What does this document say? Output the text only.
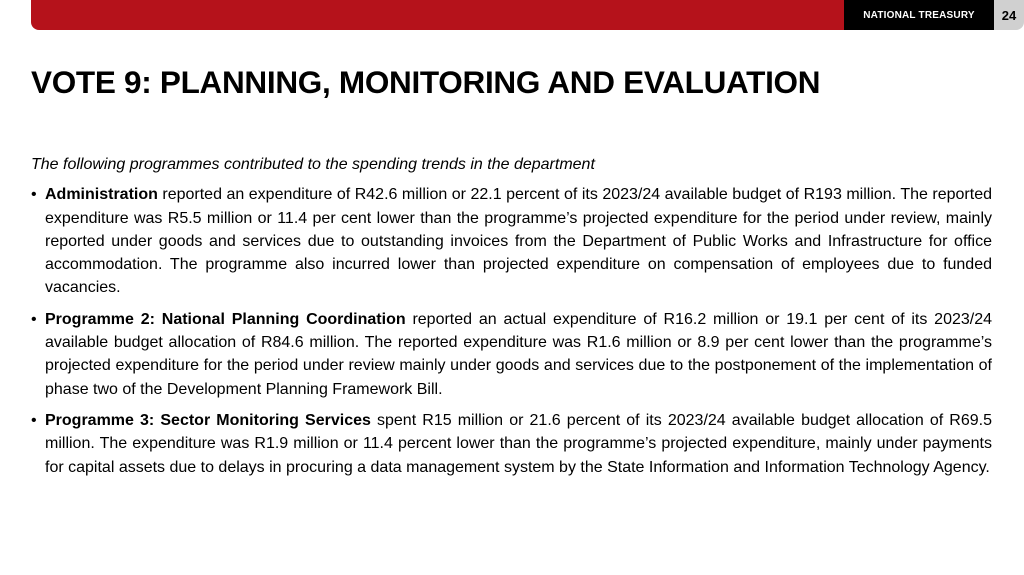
NATIONAL TREASURY	24
VOTE 9: PLANNING, MONITORING AND EVALUATION

The following programmes contributed to the spending trends in the department

• Administration reported an expenditure of R42.6 million or 22.1 percent of its 2023/24 available budget of R193 million. The reported expenditure was R5.5 million or 11.4 per cent lower than the programme’s projected expenditure for the period under review, mainly reported under goods and services due to outstanding invoices from the Department of Public Works and Infrastructure for office accommodation. The programme also incurred lower than projected expenditure on compensation of employees due to funded vacancies.
• Programme 2: National Planning Coordination reported an actual expenditure of R16.2 million or 19.1 per cent of its 2023/24 available budget allocation of R84.6 million. The reported expenditure was R1.6 million or 8.9 per cent lower than the programme’s projected expenditure for the period under review mainly under goods and services due to the postponement of the implementation of phase two of the Development Planning Framework Bill.
• Programme 3: Sector Monitoring Services spent R15 million or 21.6 percent of its 2023/24 available budget allocation of R69.5 million. The expenditure was R1.9 million or 11.4 percent lower than the programme’s projected expenditure, mainly under payments for capital assets due to delays in procuring a data management system by the State Information and Information Technology Agency.
